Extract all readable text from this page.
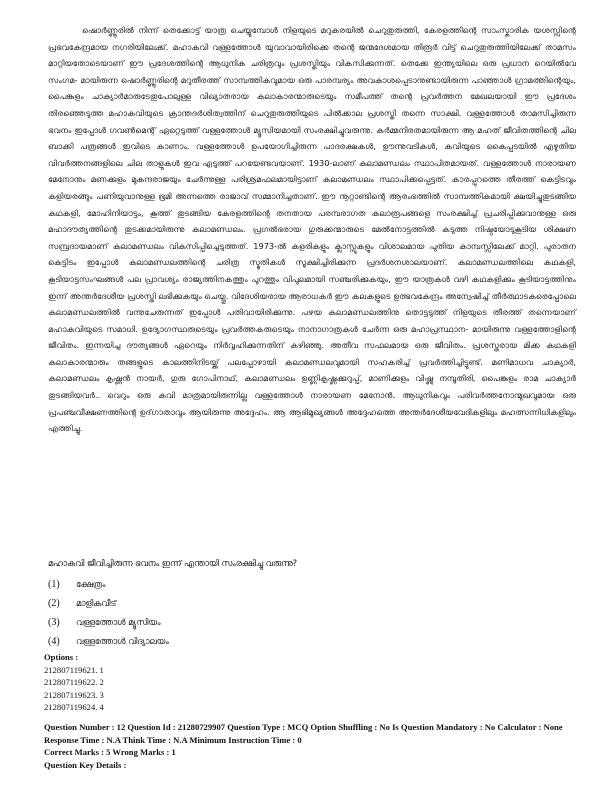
ഷൊർണ്ണൂരിൽ നിന്ന് തെക്കോട്ട് യാത്ര ചെയ്യുമ്പോൾ നിളയുടെ മറുകരയിൽ ചെറുതുരുത്തി, കേരളത്തിന്റെ സാംസ്കാരിക യശസ്സിന്റെ പ്രഭവകേന്ദ്രമായ നഗരിയിലേക്ക്. മഹാകവി വള്ളത്തോൾ യുവാവായിരിക്കെ തന്റെ ജന്മദേശമായ തിരൂർ വിട്ട് ചെറുതുരുത്തിയിലേക്ക് താമസം മാറ്റിയതോടെയാണ് ഈ പ്രദേശത്തിന്റെ ആധുനിക ചരിത്രവും പ്രശസ്തിയും വികസിക്കുന്നത്. തെക്കേ ഇന്ത്യയിലെ ഒരു പ്രധാന റെയിൽവേ സംഗമ- മായിരുന്ന ഷൊർണ്ണൂരിന്റെ മറുതീരത്ത് സാമ്പത്തികവുമായ ഒരു പാരമ്പര്യം അവകാശപ്പെടാനുണ്ടായിരുന്ന പാഞ്ഞാൾ ഗ്രാമത്തിന്റെയും, പൈങ്കുളം ചാക്യാർമാരുടേതുപോലുള്ള വിഖ്യാതരായ കലാകാരന്മാരുടെയും സമീപത്ത് തന്റെ പ്രവർത്തന മേഖലയായി ഈ പ്രദേശം തിരഞ്ഞെടുത്ത മഹാകവിയുടെ ക്രാന്തദർശിത്വത്തിന് ചെറുതുരുത്തിയുടെ പിൽക്കാല പ്രശസ്തി തന്നെ സാക്ഷി. വള്ളത്തോൾ താമസിച്ചിരുന്ന ഭവനം ഇപ്പോൾ ഗവൺമെന്റ് ഏറ്റെടുത്ത് വള്ളത്തോൾ മ്യൂസിയമായി സംരക്ഷിച്ചുവരുന്നു. കർമ്മനിരതമായിരുന്ന ആ മഹത് ജീവിതത്തിന്റെ ചില ബാക്കി പത്രങ്ങൾ ഇവിടെ കാണാം. വള്ളത്തോൾ ഉപയോഗിച്ചിരുന്ന പാദരക്ഷകൾ, ഊന്നുവടികൾ, കവിയുടെ കൈപ്പടയിൽ എഴുതിയ വിവർത്തനങ്ങളിലെ ചില താളുകൾ ഇവ എടുത്ത് പറയേണ്ടവയാണ്. 1930-ലാണ് കലാമണ്ഡലം സ്ഥാപിതമായത്. വള്ളത്തോൾ നാരായണ മേനോനും മണക്കുളം മുകുന്ദരാജയും ചേർന്നുള്ള പരിശ്രമഫലമായിട്ടാണ് കലാമണ്ഡലം സ്ഥാപിക്കപ്പെട്ടത്. കാരപ്പുറത്തെ തീരത്ത് കെട്ടിടവും കളിയരങ്ങും പണിയുവാനുള്ള ഭൂമി അന്നത്തെ രാജാവ് സമ്മാനിച്ചതാണ്. ഈ നൂറ്റാണ്ടിന്റെ ആരംഭത്തിൽ സാമ്പത്തികമായി ക്ഷയിച്ചുതുടങ്ങിയ കഥകളി, മോഹിനിയാട്ടം, കൂത്ത് തുടങ്ങിയ കേരളത്തിന്റെ തനതായ പരമ്പരാഗത കലാരൂപങ്ങളെ സംരക്ഷിച്ച് പ്രചരിപ്പിക്കുവാനുള്ള ഒരു മഹാദൗത്യത്തിന്റെ തുടക്കമായിരുന്നു കലാമണ്ഡലം. പ്രഗൽഭരായ ഗുരുക്കന്മാരുടെ മേൽനോട്ടത്തിൽ കടുത്ത നിഷ്ഠയോടുകൂടിയ ശിക്ഷണ സമ്പ്രദായമാണ് കലാമണ്ഡലം വികസിപ്പിച്ചെടുത്തത്. 1973-ൽ കളരികളും ക്ലാസ്സുകളും വിശാലമായ പുതിയ കാമ്പസ്സിലേക്ക് മാറ്റി. പുരാതന കെട്ടിടം ഇപ്പോൾ കലാമണ്ഡലത്തിന്റെ ചരിത്ര സ്മൃതികൾ സൂക്ഷിച്ചിരിക്കുന്ന പ്രദർശനശാലയാണ്. കലാമണ്ഡലത്തിലെ കഥകളി, കൂടിയാട്ടസംഘങ്ങൾ പല പ്രാവശ്യം രാജ്യത്തിനകത്തും പുറത്തും വിപുലമായി സഞ്ചരിക്കുകയും, ഈ യാത്രകൾ വഴി കഥകളിക്കും കൂടിയാട്ടത്തിനും ഇന്ന് അന്തർദേശീയ പ്രശസ്തി ലഭിക്കുകയും ചെയ്തു. വിദേശിയരായ ആരാധകർ ഈ കലകളുടെ ഉത്ഭവകേന്ദ്രം അന്വേഷിച്ച് തീർത്ഥാടകരെപ്പോലെ കലാമണ്ഡലത്തിൽ വന്നുചേരുന്നത് ഇപ്പോൾ പതിവായിരിക്കുന്നു. പഴയ കലാമണ്ഡലത്തിനു തൊട്ടടുത്ത് നിളയുടെ തീരത്ത് തന്നെയാണ് മഹാകവിയുടെ സമാധി. ഉദ്യോഗസ്ഥരുടെയും പ്രവർത്തകരുടെയും നാനാഗാത്രകൾ ചേർന്ന ഒരു മഹാപ്രസ്ഥാന- മായിരുന്നു വള്ളത്തോളിന്റെ ജീവിതം. ഇന്നയിച്ച ദൗത്യങ്ങൾ ഏറെയും നിർവ്വഹിക്കുന്നതിന് കഴിഞ്ഞു. അതീവ സഫലമായ ഒരു ജീവിതം. പ്രശസ്തരായ മിക്ക കഥകളി കലാകാരന്മാരും തങ്ങളുടെ കാലത്തിനിടയ്ക്ക് പലപ്പോഴായി കലാമണ്ഡലവുമായി സഹകരിച്ച് പ്രവർത്തിച്ചിട്ടുണ്ട്. മണിമാധവ ചാക്യാർ, കലാമണ്ഡലം കൃഷ്ണൻ നായർ, ഗുരു ഗോപിനാഥ്, കലാമണ്ഡലം ഉണ്ണികൃഷ്ണക്കുറുപ്പ്, മാണിക്കുളം വിഷ്ണു നമ്പൂതിരി, പൈങ്കുളം രാമ ചാക്യാർ തുടങ്ങിയവർ.. വെറും ഒരു കവി മാത്രമായിരുന്നില്ല വള്ളത്തോൾ നാരായണ മേനോൻ. ആധുനികവും പരിവർത്തനോന്മുഖവുമായ ഒരു പ്രപഞ്ചവീക്ഷണത്തിന്റെ ഉദ്‌ഗാതാവും ആയിരുന്നു അദ്ദേഹം. ആ ആഭിമുഖ്യങ്ങൾ അദ്ദേഹത്തെ അന്തർദേശീയവേദികളിലും മഹത്സന്നിധികളിലും എത്തിച്ചു.

മഹാകവി ജീവിച്ചിരുന്ന ഭവനം ഇന്ന് എന്തായി സംരക്ഷിച്ചു വരുന്നു?
(1)	ക്ഷേത്രം
(2)	മാളികവീട്
(3)	വള്ളത്തോൾ മ്യൂസിയം
(4)	വള്ളത്തോൾ വിദ്യാലയം
Options :
212807119621. 1
212807119622. 2
212807119623. 3
212807119624. 4
Question Number : 12 Question Id : 21280729907 Question Type : MCQ Option Shuffling : No Is Question Mandatory : No Calculator : None
Response Time : N.A Think Time : N.A Minimum Instruction Time : 0
Correct Marks : 5 Wrong Marks : 1
Question Key Details :
